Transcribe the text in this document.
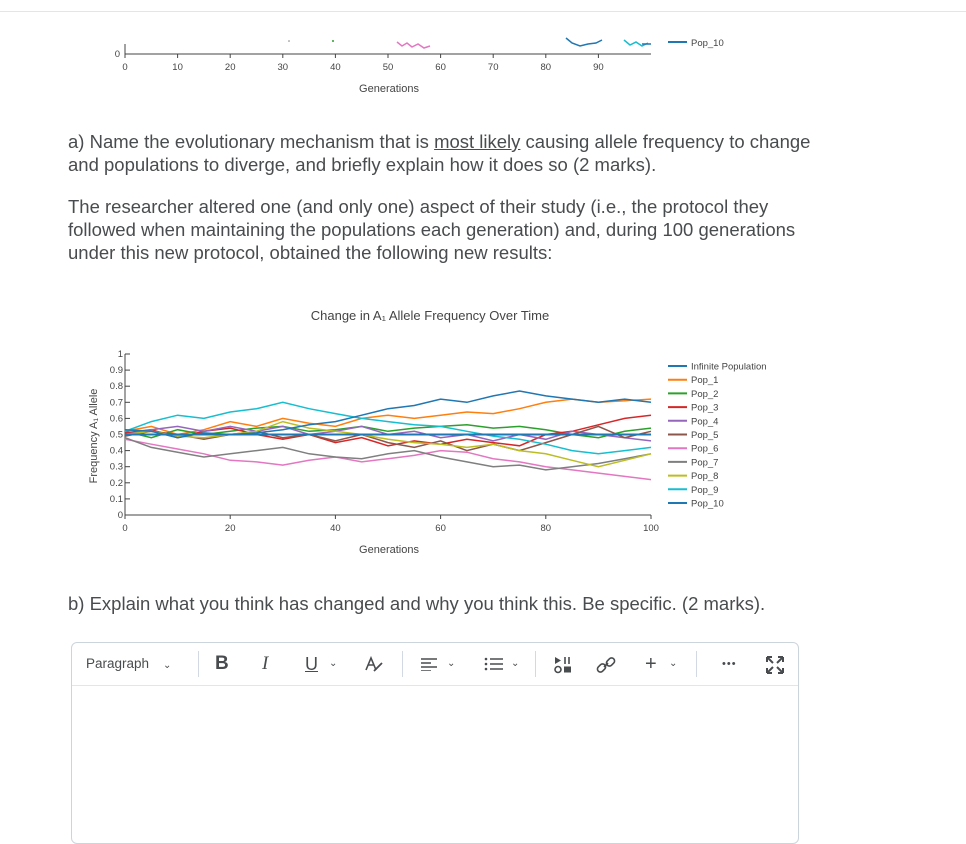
0	10	20	30	40	50	60	70	80	90
0
Generations
Pop_10

a) Name the evolutionary mechanism that is most likely causing allele frequency to change and populations to diverge, and briefly explain how it does so (2 marks).

The researcher altered one (and only one) aspect of their study (i.e., the protocol they followed when maintaining the populations each generation) and, during 100 generations under this new protocol, obtained the following new results:

Change in A₁ Allele Frequency Over Time
Frequency A₁ Allele
Generations
0	20	40	60	80	100
0
0.1
0.2
0.3
0.4
0.5
0.6
0.7
0.8
0.9
1
Infinite Population
Pop_1
Pop_2
Pop_3
Pop_4
Pop_5
Pop_6
Pop_7
Pop_8
Pop_9
Pop_10

b) Explain what you think has changed and why you think this. Be specific. (2 marks).

Paragraph ⌄ B I U ⌄	⌄	⌄	+ ⌄	•••
